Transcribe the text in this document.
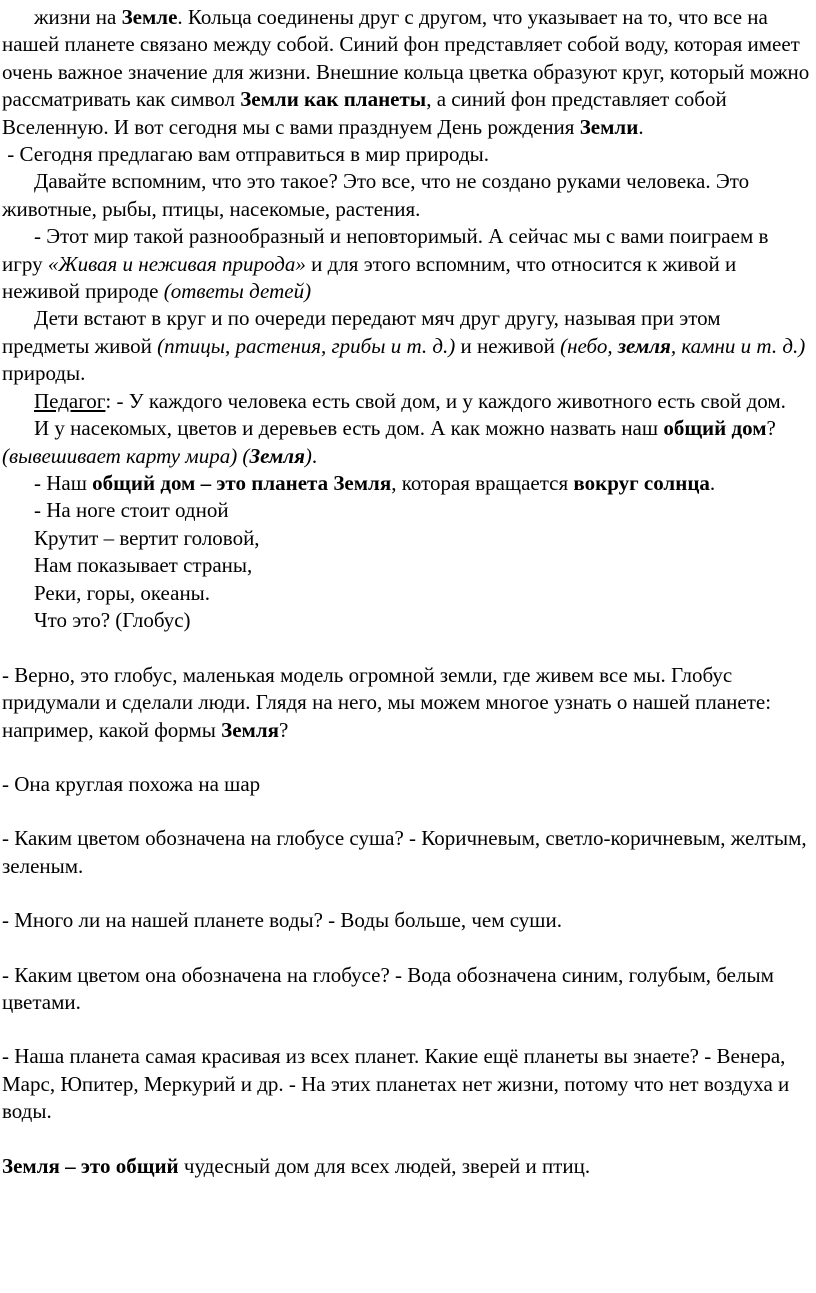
жизни на Земле. Кольца соединены друг с другом, что указывает на то, что все на нашей планете связано между собой. Синий фон представляет собой воду, которая имеет очень важное значение для жизни. Внешние кольца цветка образуют круг, который можно рассматривать как символ Земли как планеты, а синий фон представляет собой Вселенную. И вот сегодня мы с вами празднуем День рождения Земли.

- Сегодня предлагаю вам отправиться в мир природы.

Давайте вспомним, что это такое? Это все, что не создано руками человека. Это животные, рыбы, птицы, насекомые, растения.

- Этот мир такой разнообразный и неповторимый. А сейчас мы с вами поиграем в игру «Живая и неживая природа» и для этого вспомним, что относится к живой и неживой природе (ответы детей)

Дети встают в круг и по очереди передают мяч друг другу, называя при этом предметы живой (птицы, растения, грибы и т. д.) и неживой (небо, земля, камни и т. д.) природы.

Педагог: - У каждого человека есть свой дом, и у каждого животного есть свой дом.

И у насекомых, цветов и деревьев есть дом. А как можно назвать наш общий дом? (вывешивает карту мира) (Земля).

- Наш общий дом – это планета Земля, которая вращается вокруг солнца.

- На ноге стоит одной

Крутит – вертит головой,

Нам показывает страны,

Реки, горы, океаны.

Что это? (Глобус)

- Верно, это глобус, маленькая модель огромной земли, где живем все мы. Глобус придумали и сделали люди. Глядя на него, мы можем многое узнать о нашей планете: например, какой формы Земля?

- Она круглая похожа на шар

- Каким цветом обозначена на глобусе суша? - Коричневым, светло-коричневым, желтым, зеленым.

- Много ли на нашей планете воды? - Воды больше, чем суши.

- Каким цветом она обозначена на глобусе? - Вода обозначена синим, голубым, белым цветами.

- Наша планета самая красивая из всех планет. Какие ещё планеты вы знаете? - Венера, Марс, Юпитер, Меркурий и др. - На этих планетах нет жизни, потому что нет воздуха и воды.

Земля – это общий чудесный дом для всех людей, зверей и птиц.
